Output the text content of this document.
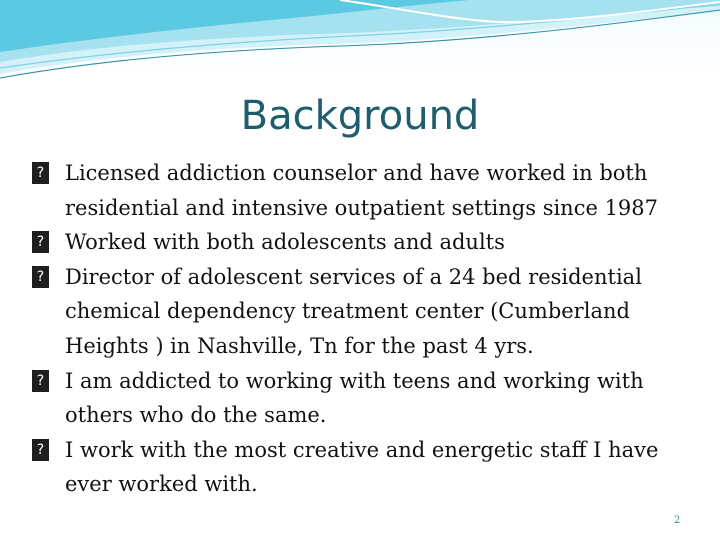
Background
?
Licensed addiction counselor and have worked in both residential and intensive outpatient settings since 1987
?
Worked with both adolescents and adults
?
Director of adolescent services of a 24 bed residential chemical dependency treatment center (Cumberland Heights ) in Nashville, Tn for the past 4 yrs.
?
I am addicted to working with teens and working with others who do the same.
?
I work with the most creative and energetic staff I have ever worked with.
2
